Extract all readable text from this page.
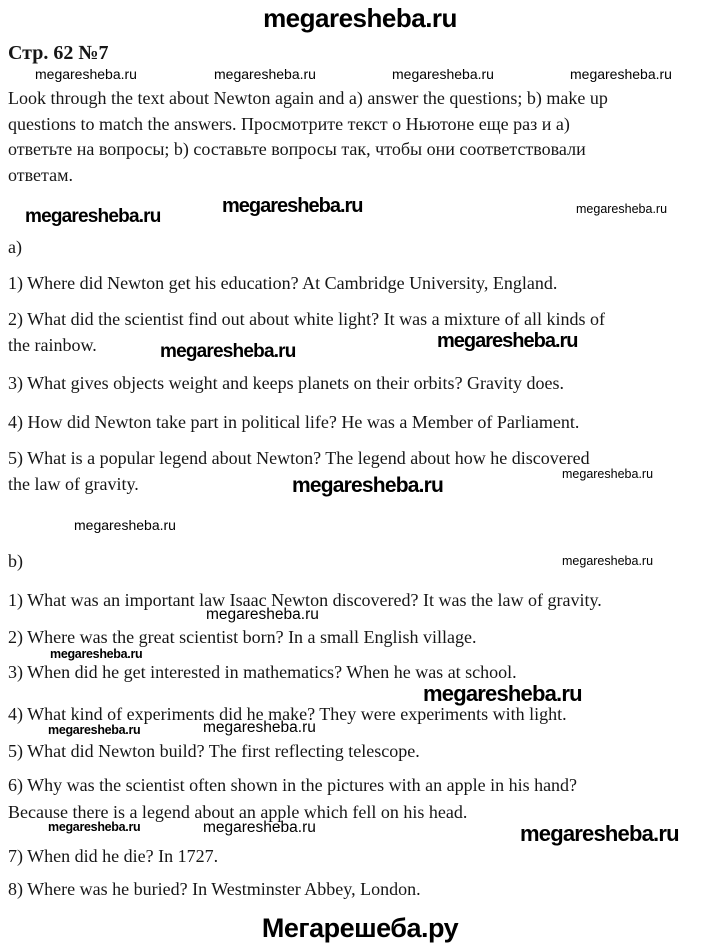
megaresheba.ru
Стр. 62 №7
megaresheba.ru	megaresheba.ru	megaresheba.ru	megaresheba.ru
Look through the text about Newton again and a) answer the questions; b) make up
questions to match the answers. Просмотрите текст о Ньютоне еще раз и а)
ответьте на вопросы; b) составьте вопросы так, чтобы они соответствовали
ответам.
megaresheba.ru	megaresheba.ru	megaresheba.ru
a)
1) Where did Newton get his education? At Cambridge University, England.
2) What did the scientist find out about white light? It was a mixture of all kinds of
the rainbow.	megaresheba.ru	megaresheba.ru
3) What gives objects weight and keeps planets on their orbits? Gravity does.
4) How did Newton take part in political life? He was a Member of Parliament.
5) What is a popular legend about Newton? The legend about how he discovered
the law of gravity.	megaresheba.ru
megaresheba.ru
megaresheba.ru
b)	megaresheba.ru
1) What was an important law Isaac Newton discovered? It was the law of gravity.
megaresheba.ru
2) Where was the great scientist born? In a small English village.
megaresheba.ru
3) When did he get interested in mathematics? When he was at school.
megaresheba.ru
4) What kind of experiments did he make? They were experiments with light.
megaresheba.ru	megaresheba.ru
5) What did Newton build? The first reflecting telescope.
6) Why was the scientist often shown in the pictures with an apple in his hand?
Because there is a legend about an apple which fell on his head.
megaresheba.ru	megaresheba.ru	megaresheba.ru
7) When did he die? In 1727.
8) Where was he buried? In Westminster Abbey, London.
Мегарешеба.ру
